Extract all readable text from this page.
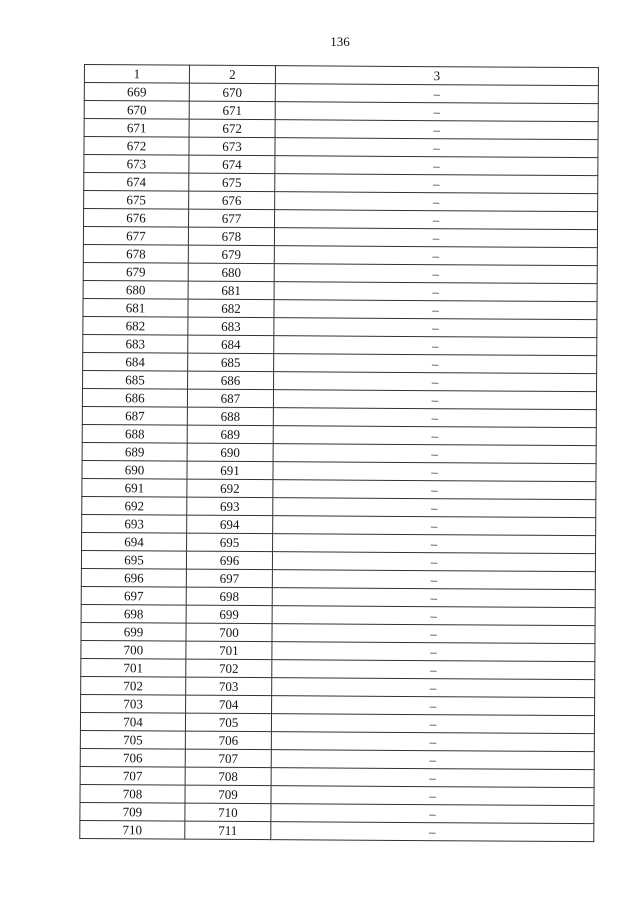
136
1	2	3
669	670	–
670	671	–
671	672	–
672	673	–
673	674	–
674	675	–
675	676	–
676	677	–
677	678	–
678	679	–
679	680	–
680	681	–
681	682	–
682	683	–
683	684	–
684	685	–
685	686	–
686	687	–
687	688	–
688	689	–
689	690	–
690	691	–
691	692	–
692	693	–
693	694	–
694	695	–
695	696	–
696	697	–
697	698	–
698	699	–
699	700	–
700	701	–
701	702	–
702	703	–
703	704	–
704	705	–
705	706	–
706	707	–
707	708	–
708	709	–
709	710	–
710	711	–
